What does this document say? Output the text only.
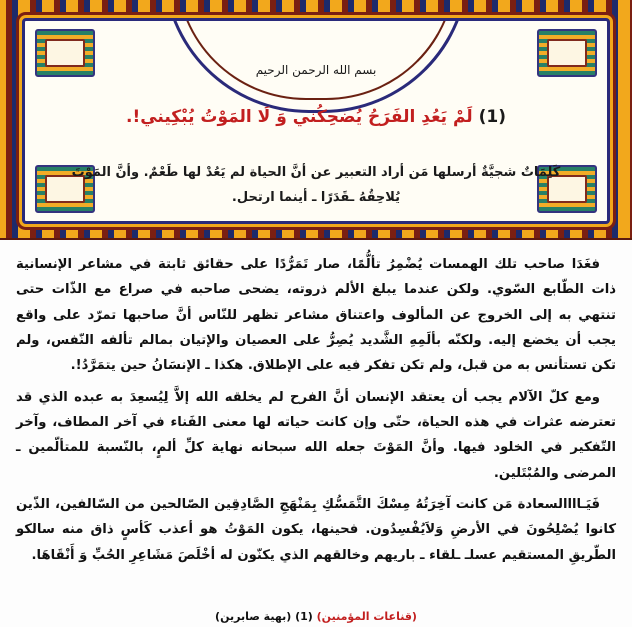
بسم الله الرحمن الرحيم
(1) لَمْ يَعُدِ الفَرَحُ يُضحِكُني وَ لَا المَوْتُ يُبْكِيني!.
كَلِمَاتٌ شجيَّةٌ أرسلها مَن أراد التعبير عن أنَّ الحياة لم يَعُدْ لها طَعْمٌ. وأنَّ المَوْتَ
يُلاحِقُهُ ـقَدَرًا ـ أينما ارتحل.

فغَدَا صاحب تلك الهمسات يُضْمِرُ تألُّمًا، صار تَمَرُّدًا على حقائق ثابتة في مشاعر الإنسانية ذات الطّابع السّوي. ولكن عندما يبلغ الألم ذروته، يضحى صاحبه في صراع مع الذّات حتى تنتهي به إلى الخروج عن المألوف واعتناق مشاعر تظهر للنّاس أنَّ صاحبها تمرّد على واقع يجب أن يخضع إليه. ولكنّه بألَمِهِ الشَّديد يُصِرُّ على العصيان والإتيان بمالم تألفه النّفس، ولم تكن تستأنس به من قبل، ولم تكن تفكر فيه على الإطلاق. هكذا ـ الإنسَانُ حين يتمَرَّدُ!.

ومع كلّ الآلام يجب أن يعتقد الإنسان أنَّ الفرح لم يخلقه الله إلاَّ لِيُسعِدَ به عبده الذي قد تعترضه عثرات في هذه الحياة، حتّى وإن كانت حياته لها معنى الفَناء في آخر المطاف، وآخر التّفكير في الخلود فيها. وأنَّ المَوْتَ جعله الله سبحانه نهاية كلِّ ألمٍ، بالنّسبة للمتألّمين ـ المرضى والمُبْتَلين.

فَيَـاااالسعادة مَن كانت آخِرَتُهُ مِسْكَ التَّمَسُّكِ بِمَنْهَجِ الصَّادِقِين الصّالحين من السّالفين، الذّين كانوا يُصْلِحُونَ في الأرضِ وَلاَيُفْسِدُون. فحينها، يكون المَوْتُ هو أعذب كَأسٍ ذاق منه سالكو الطّريقِ المستقيم عسلـ ـلقاء ـ باريهم وخالقهم الذي يكنّون له أخْلَصَ مَشَاعِرِ الحُبِّ وَ أَنْقَاهَا.

(قناعات المؤمنين) (1) (بهية صابرين)
